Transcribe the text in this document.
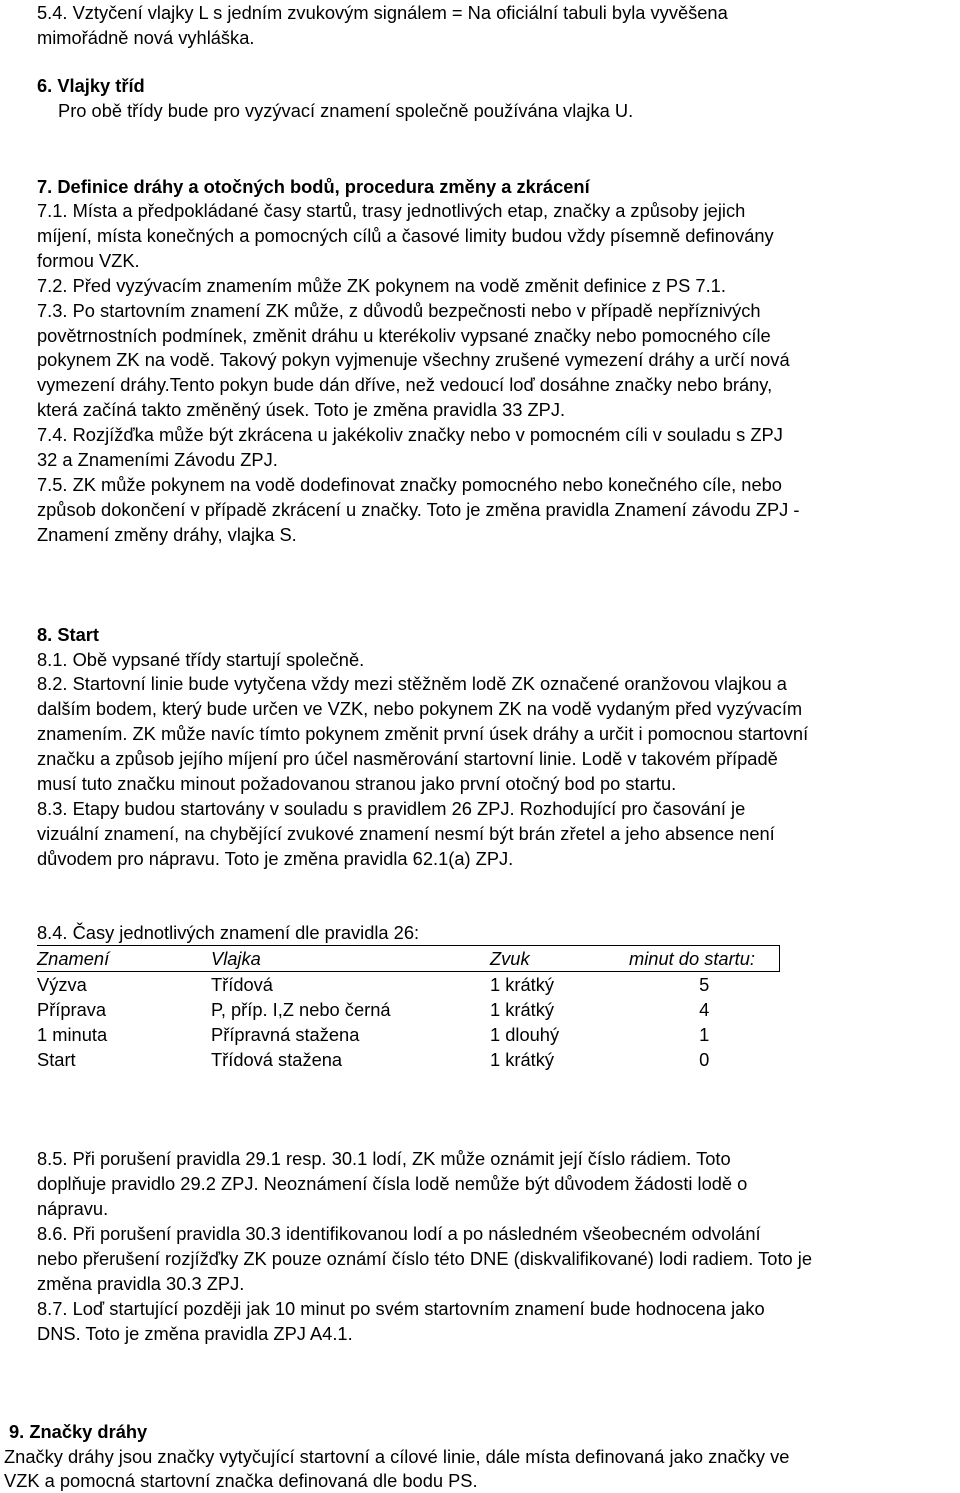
5.4. Vztyčení vlajky L s jedním zvukovým signálem = Na oficiální tabuli byla vyvěšena
mimořádně nová vyhláška.
6. Vlajky tříd
Pro obě třídy bude pro vyzývací znamení společně používána vlajka U.
7. Definice dráhy a otočných bodů, procedura změny a zkrácení
7.1. Místa a předpokládané časy startů, trasy jednotlivých etap, značky a způsoby jejich
míjení, místa konečných a pomocných cílů a časové limity budou vždy písemně definovány
formou VZK.
7.2. Před vyzývacím znamením může ZK pokynem na vodě změnit definice z PS 7.1.
7.3. Po startovním znamení ZK může, z důvodů bezpečnosti nebo v případě nepříznivých
povětrnostních podmínek, změnit dráhu u kterékoliv vypsané značky nebo pomocného cíle
pokynem ZK na vodě. Takový pokyn vyjmenuje všechny zrušené vymezení dráhy a určí nová
vymezení dráhy.Tento pokyn bude dán dříve, než vedoucí loď dosáhne značky nebo brány,
která začíná takto změněný úsek. Toto je změna pravidla 33 ZPJ.
7.4. Rozjížďka může být zkrácena u jakékoliv značky nebo v pomocném cíli v souladu s ZPJ
32 a Znameními Závodu ZPJ.
7.5. ZK může pokynem na vodě dodefinovat značky pomocného nebo konečného cíle, nebo
způsob dokončení v případě zkrácení u značky. Toto je změna pravidla Znamení závodu ZPJ -
Znamení změny dráhy, vlajka S.
8. Start
8.1. Obě vypsané třídy startují společně.
8.2. Startovní linie bude vytyčena vždy mezi stěžněm lodě ZK označené oranžovou vlajkou a
dalším bodem, který bude určen ve VZK, nebo pokynem ZK na vodě vydaným před vyzývacím
znamením. ZK může navíc tímto pokynem změnit první úsek dráhy a určit i pomocnou startovní
značku a způsob jejího míjení pro účel nasměrování startovní linie. Lodě v takovém případě
musí tuto značku minout požadovanou stranou jako první otočný bod po startu.
8.3. Etapy budou startovány v souladu s pravidlem 26 ZPJ. Rozhodující pro časování je
vizuální znamení, na chybějící zvukové znamení nesmí být brán zřetel a jeho absence není
důvodem pro nápravu. Toto je změna pravidla 62.1(a) ZPJ.
8.4. Časy jednotlivých znamení dle pravidla 26:
Znamení	Vlajka	Zvuk	minut do startu:
Výzva	Třídová	1 krátký	5
Příprava	P, příp. I,Z nebo černá	1 krátký	4
1 minuta	Přípravná stažena	1 dlouhý	1
Start	Třídová stažena	1 krátký	0
8.5. Při porušení pravidla 29.1 resp. 30.1 lodí, ZK může oznámit její číslo rádiem. Toto
doplňuje pravidlo 29.2 ZPJ. Neoznámení čísla lodě nemůže být důvodem žádosti lodě o
nápravu.
8.6. Při porušení pravidla 30.3 identifikovanou lodí a po následném všeobecném odvolání
nebo přerušení rozjížďky ZK pouze oznámí číslo této DNE (diskvalifikované) lodi radiem. Toto je
změna pravidla 30.3 ZPJ.
8.7. Loď startující později jak 10 minut po svém startovním znamení bude hodnocena jako
DNS. Toto je změna pravidla ZPJ A4.1.
9. Značky dráhy
Značky dráhy jsou značky vytyčující startovní a cílové linie, dále místa definovaná jako značky ve
VZK a pomocná startovní značka definovaná dle bodu PS.
